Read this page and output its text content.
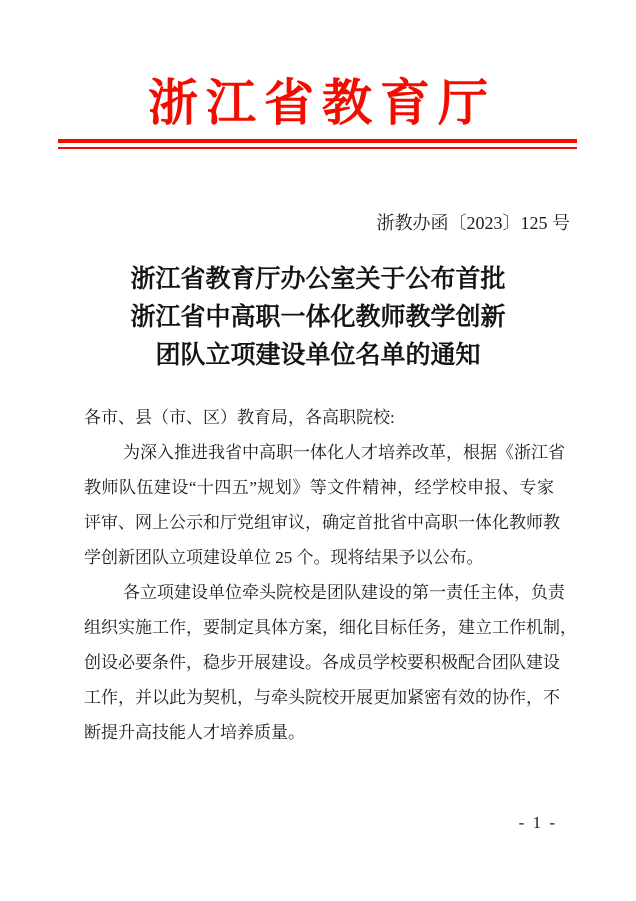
浙江省教育厅
浙教办函〔2023〕125 号
浙江省教育厅办公室关于公布首批
浙江省中高职一体化教师教学创新
团队立项建设单位名单的通知

各市、县（市、区）教育局，各高职院校:

为深入推进我省中高职一体化人才培养改革，根据《浙江省

教师队伍建设“十四五”规划》等文件精神，经学校申报、专家

评审、网上公示和厅党组审议，确定首批省中高职一体化教师教

学创新团队立项建设单位 25 个。现将结果予以公布。

各立项建设单位牵头院校是团队建设的第一责任主体，负责

组织实施工作，要制定具体方案，细化目标任务，建立工作机制，

创设必要条件，稳步开展建设。各成员学校要积极配合团队建设

工作，并以此为契机，与牵头院校开展更加紧密有效的协作，不

断提升高技能人才培养质量。

- 1 -
